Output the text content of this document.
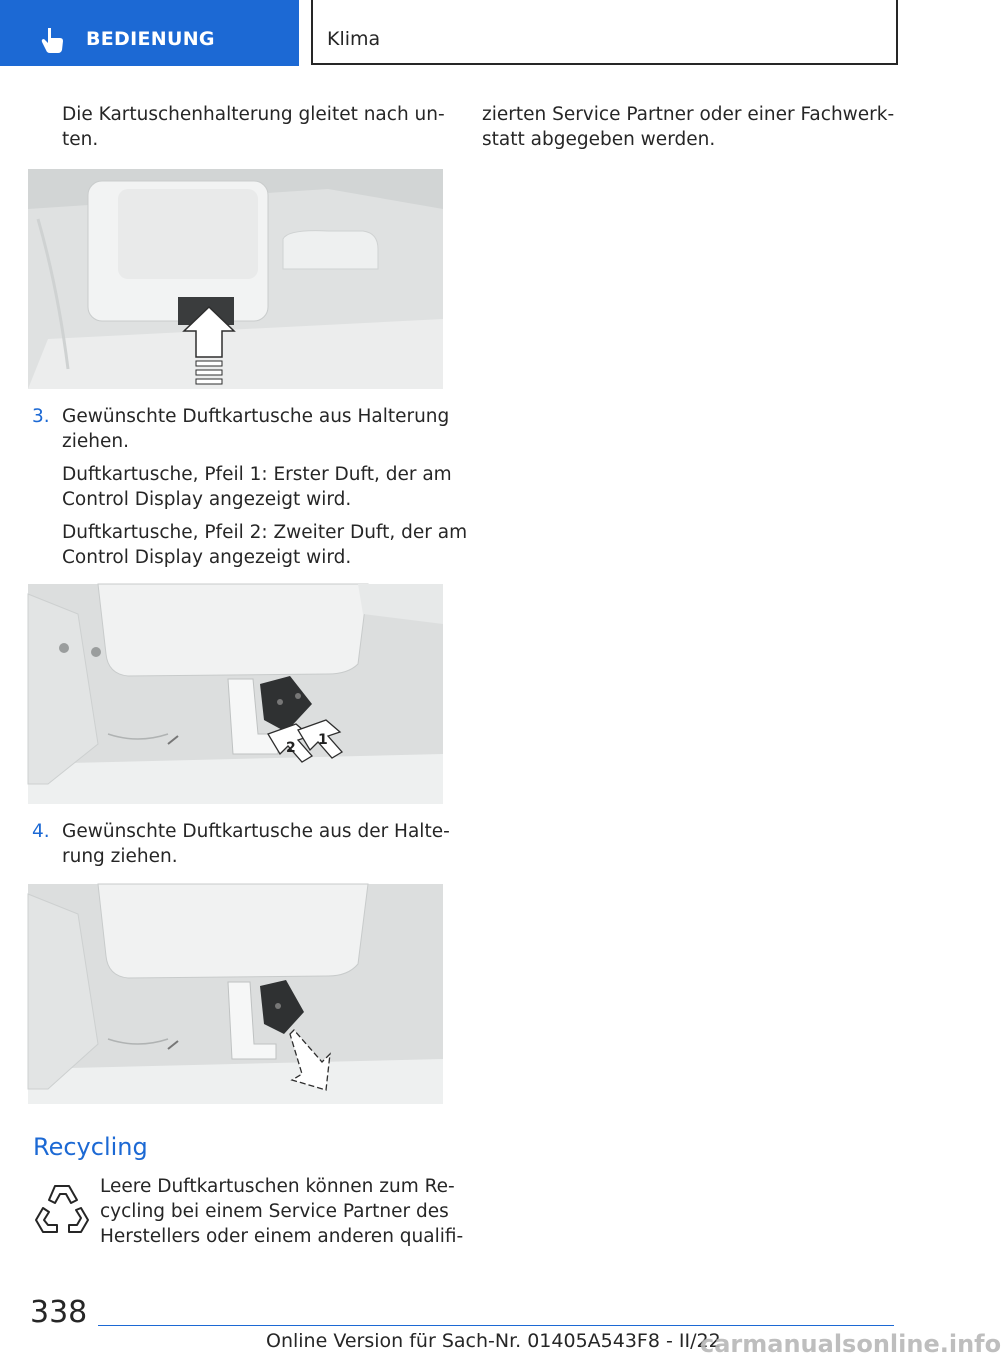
BEDIENUNG	Klima
Die Kartuschenhalterung gleitet nach un-
ten.
3. Gewünschte Duftkartusche aus Halterung
ziehen.
Duftkartusche, Pfeil 1: Erster Duft, der am
Control Display angezeigt wird.
Duftkartusche, Pfeil 2: Zweiter Duft, der am
Control Display angezeigt wird.
2 1
4. Gewünschte Duftkartusche aus der Halte-
rung ziehen.
Recycling
Leere Duftkartuschen können zum Re-
cycling bei einem Service Partner des
Herstellers oder einem anderen qualifi-
zierten Service Partner oder einer Fachwerk-
statt abgegeben werden.
338
Online Version für Sach-Nr. 01405A543F8 - II/22
carmanualsonline.info
